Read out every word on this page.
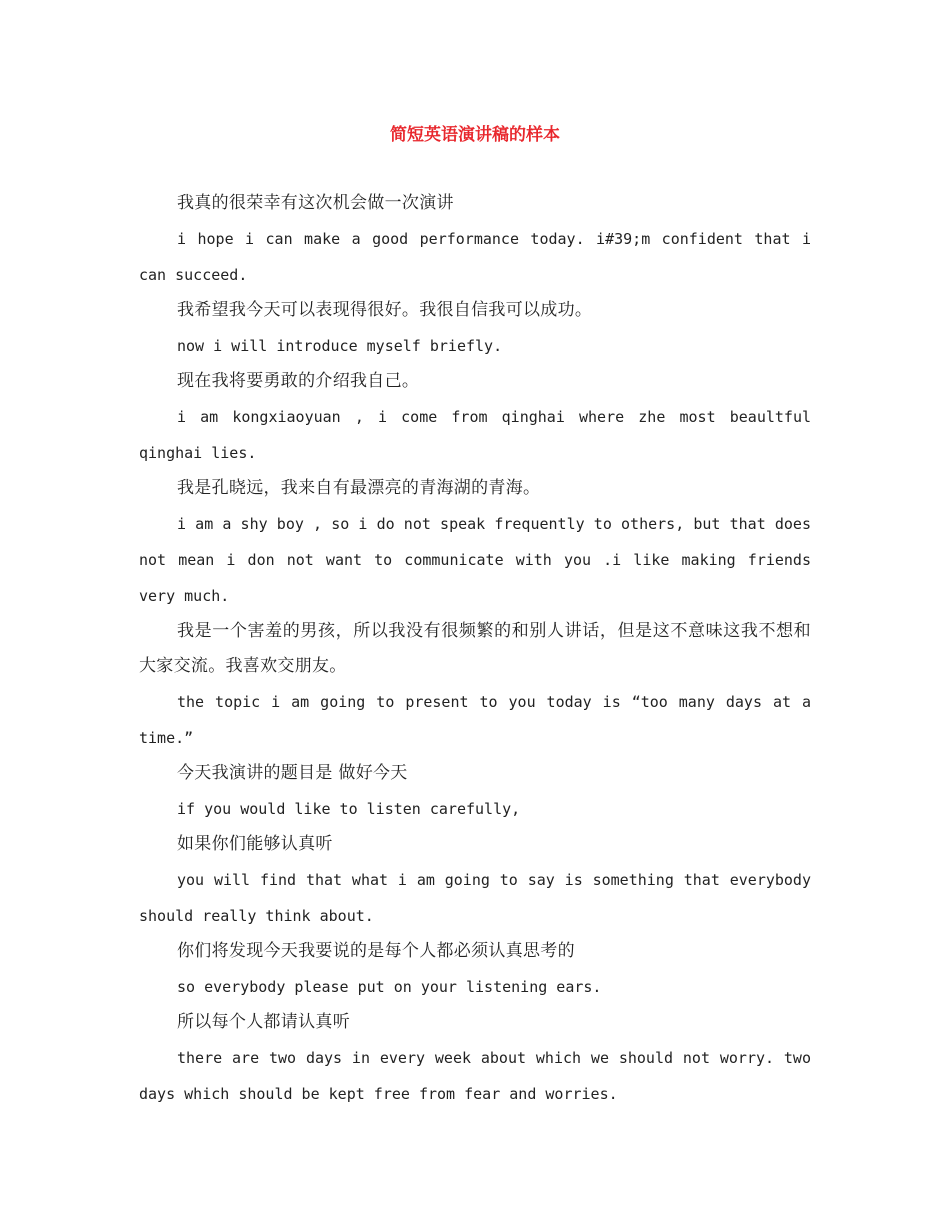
简短英语演讲稿的样本

我真的很荣幸有这次机会做一次演讲

i hope i can make a good performance today. i#39;m confident that i can succeed.

我希望我今天可以表现得很好。我很自信我可以成功。

now i will introduce myself briefly.

现在我将要勇敢的介绍我自己。

i am kongxiaoyuan , i come from qinghai where zhe most beaultful qinghai lies.

我是孔晓远，我来自有最漂亮的青海湖的青海。

i am a shy boy , so i do not speak frequently to others, but that does not mean i don not want to communicate with you .i like making friends very much.

我是一个害羞的男孩，所以我没有很频繁的和别人讲话，但是这不意味这我不想和大家交流。我喜欢交朋友。

the topic i am going to present to you today is “too many days at a time.”

今天我演讲的题目是 做好今天

if you would like to listen carefully,

如果你们能够认真听

you will find that what i am going to say is something that everybody should really think about.

你们将发现今天我要说的是每个人都必须认真思考的

so everybody please put on your listening ears.

所以每个人都请认真听

there are two days in every week about which we should not worry. two days which should be kept free from fear and worries.
